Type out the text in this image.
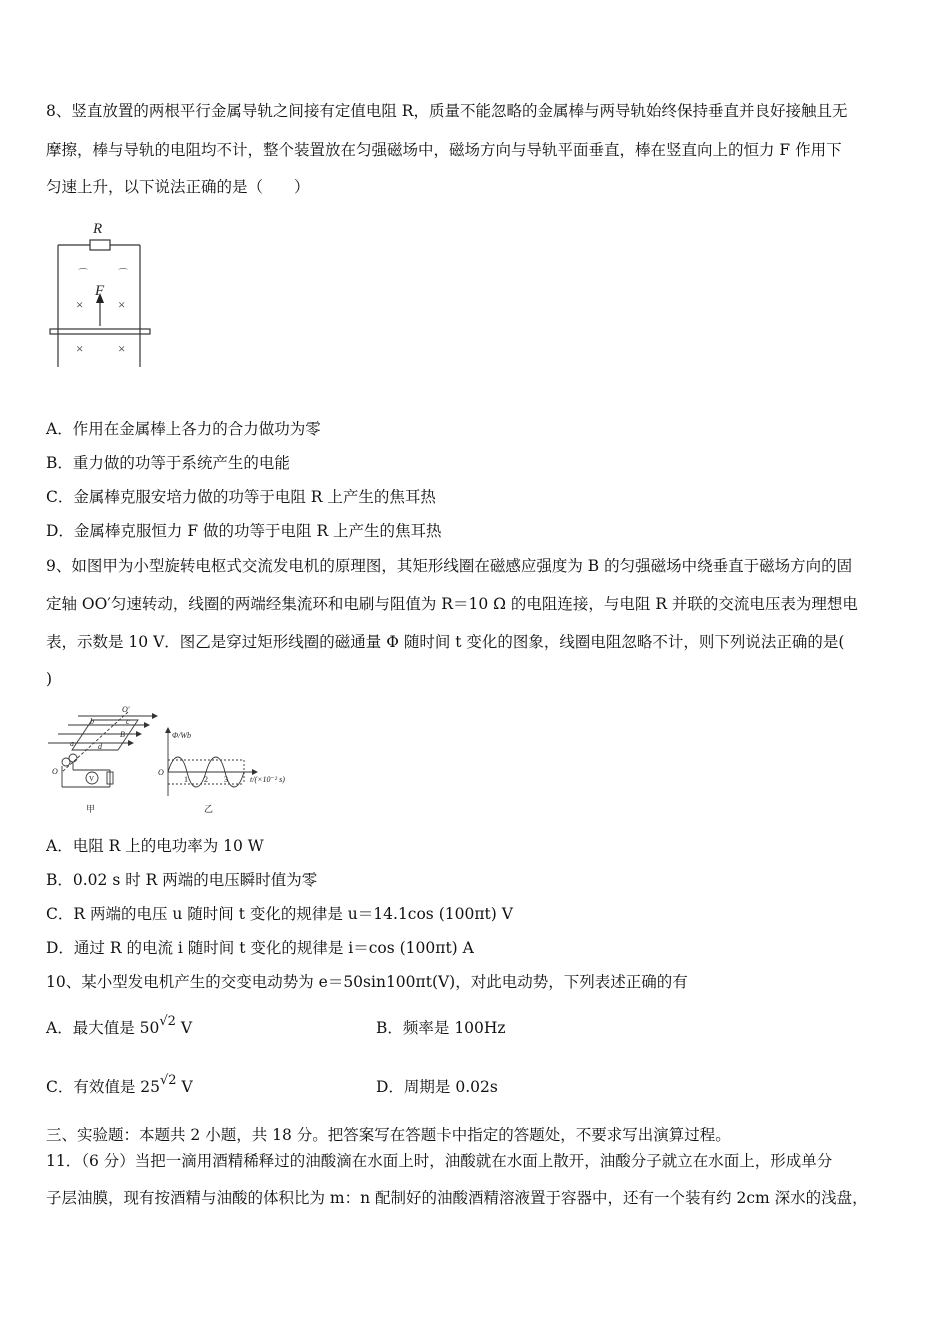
8、竖直放置的两根平行金属导轨之间接有定值电阻 R，质量不能忽略的金属棒与两导轨始终保持垂直并良好接触且无
摩擦，棒与导轨的电阻均不计，整个装置放在匀强磁场中，磁场方向与导轨平面垂直，棒在竖直向上的恒力 F 作用下
匀速上升，以下说法正确的是（　　）
R
F
⌒	⌒
×	×
×	×
A．作用在金属棒上各力的合力做功为零
B．重力做的功等于系统产生的电能
C．金属棒克服安培力做的功等于电阻 R 上产生的焦耳热
D．金属棒克服恒力 F 做的功等于电阻 R 上产生的焦耳热
9、如图甲为小型旋转电枢式交流发电机的原理图，其矩形线圈在磁感应强度为 B 的匀强磁场中绕垂直于磁场方向的固
定轴 OO′匀速转动，线圈的两端经集流环和电刷与阻值为 R＝10 Ω 的电阻连接，与电阻 R 并联的交流电压表为理想电
表，示数是 10 V．图乙是穿过矩形线圈的磁通量 Φ 随时间 t 变化的图象，线圈电阻忽略不计，则下列说法正确的是(
)
O′
b	c
B
a	d
O
V
甲
Φ/Wb
O
1 2 3	t/(×10⁻² s)
乙
A．电阻 R 上的电功率为 10 W
B．0.02 s 时 R 两端的电压瞬时值为零
C．R 两端的电压 u 随时间 t 变化的规律是 u＝14.1cos (100πt) V
D．通过 R 的电流 i 随时间 t 变化的规律是 i＝cos (100πt) A
10、某小型发电机产生的交变电动势为 e＝50sin100πt(V)，对此电动势，下列表述正确的有
A．最大值是 $50^{√2}$ V	B．频率是 100Hz
C．有效值是 $25^{√2}$ V	D．周期是 0.02s
三、实验题：本题共 2 小题，共 18 分。把答案写在答题卡中指定的答题处，不要求写出演算过程。
11．（6 分）当把一滴用酒精稀释过的油酸滴在水面上时，油酸就在水面上散开，油酸分子就立在水面上，形成单分
子层油膜，现有按酒精与油酸的体积比为 m：n 配制好的油酸酒精溶液置于容器中，还有一个装有约 2cm 深水的浅盘，
